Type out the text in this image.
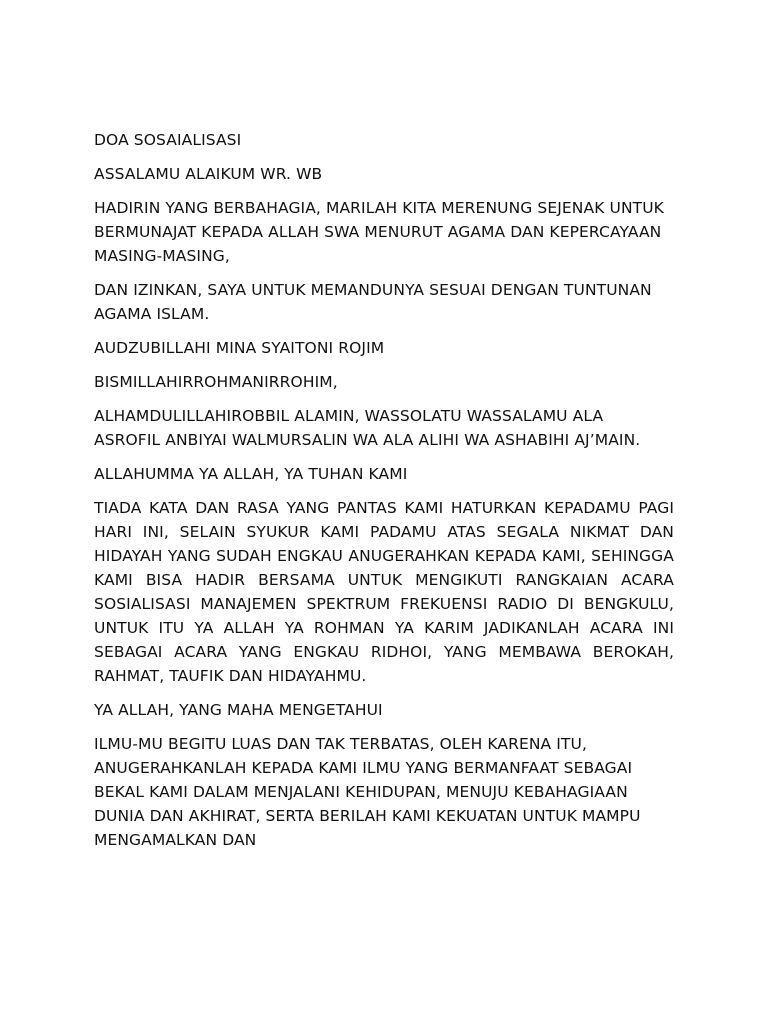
DOA SOSAIALISASI

ASSALAMU ALAIKUM WR. WB

HADIRIN YANG BERBAHAGIA, MARILAH KITA MERENUNG SEJENAK UNTUK BERMUNAJAT KEPADA ALLAH SWA MENURUT AGAMA DAN KEPERCAYAAN MASING-MASING,

DAN IZINKAN, SAYA UNTUK MEMANDUNYA SESUAI DENGAN TUNTUNAN AGAMA ISLAM.

AUDZUBILLAHI MINA SYAITONI ROJIM

BISMILLAHIRROHMANIRROHIM,

ALHAMDULILLAHIROBBIL ALAMIN, WASSOLATU WASSALAMU ALA ASROFIL ANBIYAI WALMURSALIN WA ALA ALIHI WA ASHABIHI AJ’MAIN.

ALLAHUMMA YA ALLAH, YA TUHAN KAMI

TIADA KATA DAN RASA YANG PANTAS KAMI HATURKAN KEPADAMU PAGI HARI INI, SELAIN SYUKUR KAMI PADAMU ATAS SEGALA NIKMAT DAN HIDAYAH YANG SUDAH ENGKAU ANUGERAHKAN KEPADA KAMI, SEHINGGA KAMI BISA HADIR BERSAMA UNTUK MENGIKUTI RANGKAIAN ACARA SOSIALISASI MANAJEMEN SPEKTRUM FREKUENSI RADIO DI BENGKULU, UNTUK ITU YA ALLAH YA ROHMAN YA KARIM JADIKANLAH ACARA INI SEBAGAI ACARA YANG ENGKAU RIDHOI, YANG MEMBAWA BEROKAH, RAHMAT, TAUFIK DAN HIDAYAHMU.

YA ALLAH, YANG MAHA MENGETAHUI

ILMU-MU BEGITU LUAS DAN TAK TERBATAS, OLEH KARENA ITU, ANUGERAHKANLAH KEPADA KAMI ILMU YANG BERMANFAAT SEBAGAI BEKAL KAMI DALAM MENJALANI KEHIDUPAN, MENUJU KEBAHAGIAAN DUNIA DAN AKHIRAT, SERTA BERILAH KAMI KEKUATAN UNTUK MAMPU MENGAMALKAN DAN
